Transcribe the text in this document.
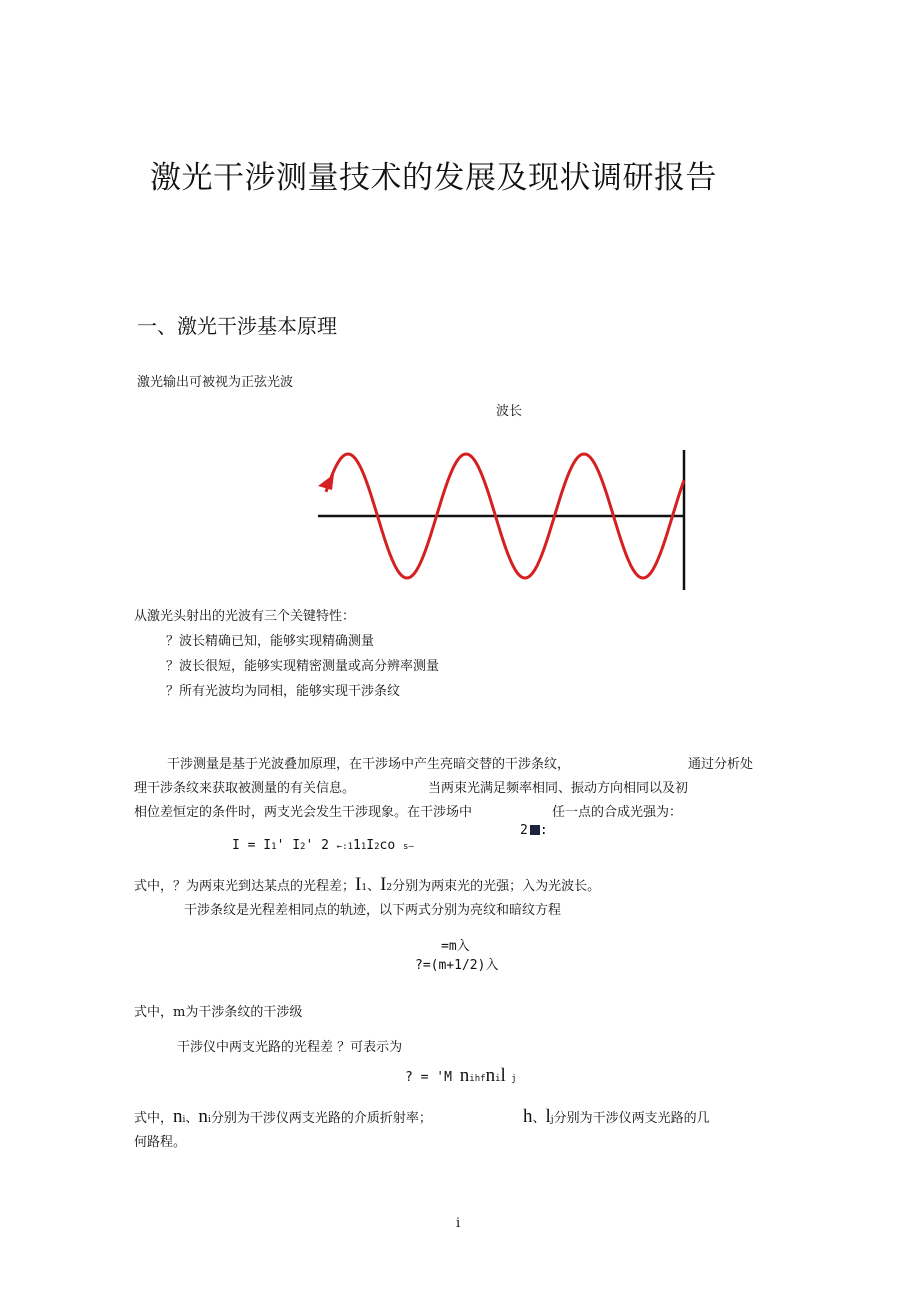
激光干涉测量技术的发展及现状调研报告
一、激光干涉基本原理
激光输出可被视为正弦光波
波长
从激光头射出的光波有三个关键特性：
？波长精确已知，能够实现精确测量
？波长很短，能够实现精密测量或高分辨率测量
？所有光波均为同相，能够实现干涉条纹
干涉测量是基于光波叠加原理，在干涉场中产生亮暗交替的干涉条纹，	通过分析处
理干涉条纹来获取被测量的有关信息。	当两束光满足频率相同、振动方向相同以及初
相位差恒定的条件时，两支光会发生干涉现象。在干涉场中	任一点的合成光强为：
2 :
I = I1' I2' 2 ←:111I2co s—
式中，？为两束光到达某点的光程差；I1、I2分别为两束光的光强；入为光波长。
干涉条纹是光程差相同点的轨迹，以下两式分别为亮纹和暗纹方程
=m入
?=(m+1/2)入
式中，m为干涉条纹的干涉级
干涉仪中两支光路的光程差 ？可表示为
? = 'M nihfnil j
式中，ni、ni分别为干涉仪两支光路的介质折射率；	h、lj分别为干涉仪两支光路的几
何路程。
i
